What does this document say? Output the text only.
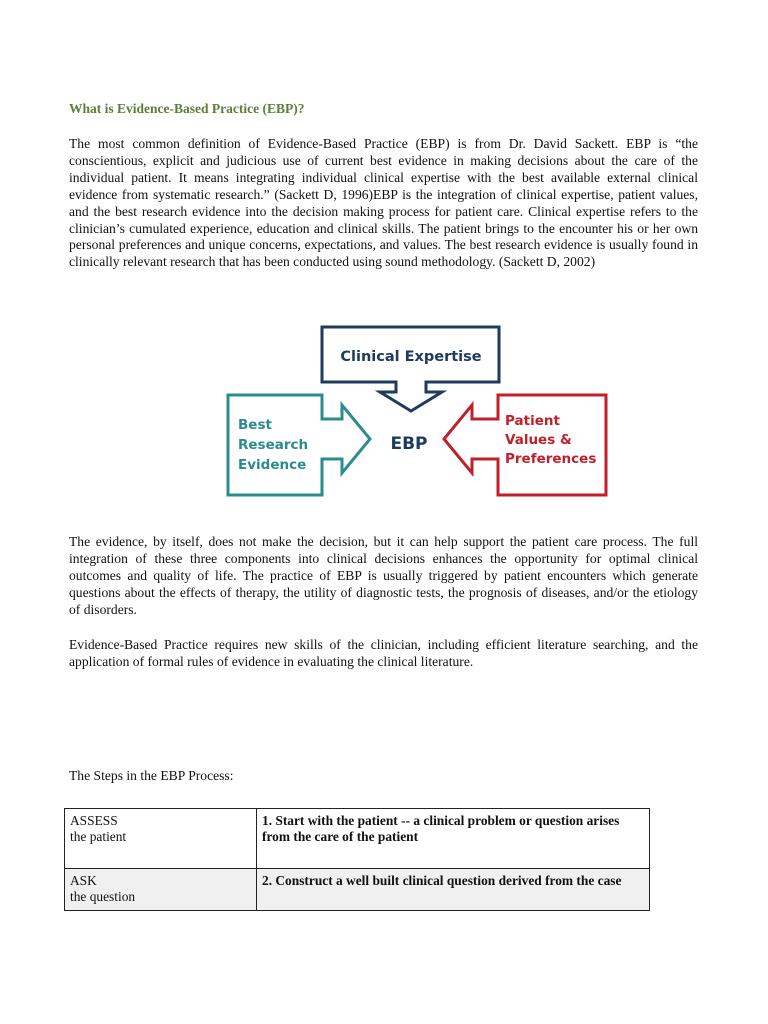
What is Evidence-Based Practice (EBP)?

The most common definition of Evidence-Based Practice (EBP) is from Dr. David Sackett. EBP is “the conscientious, explicit and judicious use of current best evidence in making decisions about the care of the individual patient. It means integrating individual clinical expertise with the best available external clinical evidence from systematic research.” (Sackett D, 1996)EBP is the integration of clinical expertise, patient values, and the best research evidence into the decision making process for patient care. Clinical expertise refers to the clinician’s cumulated experience, education and clinical skills. The patient brings to the encounter his or her own personal preferences and unique concerns, expectations, and values. The best research evidence is usually found in clinically relevant research that has been conducted using sound methodology. (Sackett D, 2002)

Clinical Expertise
Best Research Evidence
EBP
Patient Values & Preferences

The evidence, by itself, does not make the decision, but it can help support the patient care process. The full integration of these three components into clinical decisions enhances the opportunity for optimal clinical outcomes and quality of life. The practice of EBP is usually triggered by patient encounters which generate questions about the effects of therapy, the utility of diagnostic tests, the prognosis of diseases, and/or the etiology of disorders.

Evidence-Based Practice requires new skills of the clinician, including efficient literature searching, and the application of formal rules of evidence in evaluating the clinical literature.

The Steps in the EBP Process:
ASSESS
the patient	1. Start with the patient -- a clinical problem or question arises from the care of the patient

ASK
the question	2. Construct a well built clinical question derived from the case
